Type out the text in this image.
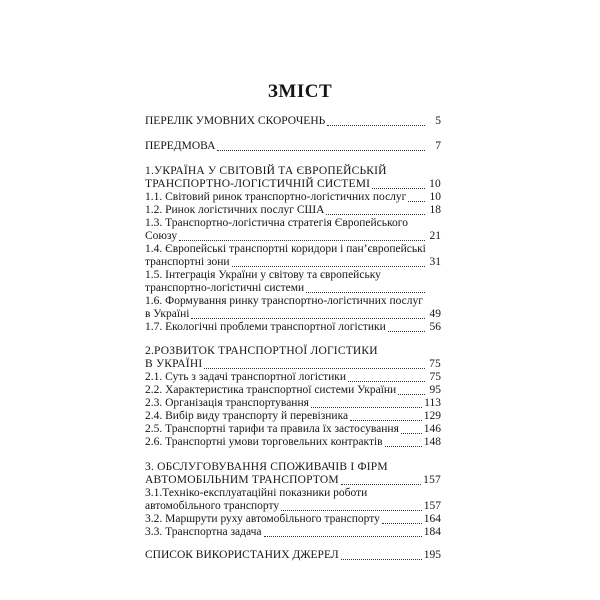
ЗМІСТ
ПЕРЕЛІК УМОВНИХ СКОРОЧЕНЬ	5
ПЕРЕДМОВА	7
1.УКРАЇНА У СВІТОВІЙ ТА ЄВРОПЕЙСЬКІЙ
ТРАНСПОРТНО-ЛОГІСТИЧНІЙ СИСТЕМІ	10
1.1. Світовий ринок транспортно-логістичних послуг 10
1.2. Ринок логістичних послуг США	18
1.3. Транспортно-логістична стратегія Європейського
Союзу	21
1.4. Європейські транспортні коридори і пан’європейські
транспортні зони	31
1.5. Інтеграція України у світову та європейську
транспортно-логістичні системи
1.6. Формування ринку транспортно-логістичних послуг
в Україні	49
1.7. Екологічні проблеми транспортної логістики	56
2.РОЗВИТОК ТРАНСПОРТНОЇ ЛОГІСТИКИ
В УКРАЇНІ	75
2.1. Суть з задачі транспортної логістики	75
2.2. Характеристика транспортної системи України	95
2.3. Організація транспортування	113
2.4. Вибір виду транспорту й перевізника	129
2.5. Транспортні тарифи та правила їх застосування 146
2.6. Транспортні умови торговельних контрактів	148
3. ОБСЛУГОВУВАННЯ СПОЖИВАЧІВ І ФІРМ
АВТОМОБІЛЬНИМ ТРАНСПОРТОМ	157
3.1.Техніко-експлуатаційні показники роботи
автомобільного транспорту	157
3.2. Маршрути руху автомобільного транспорту	164
3.3. Транспортна задача	184
СПИСОК ВИКОРИСТАНИХ ДЖЕРЕЛ	195
